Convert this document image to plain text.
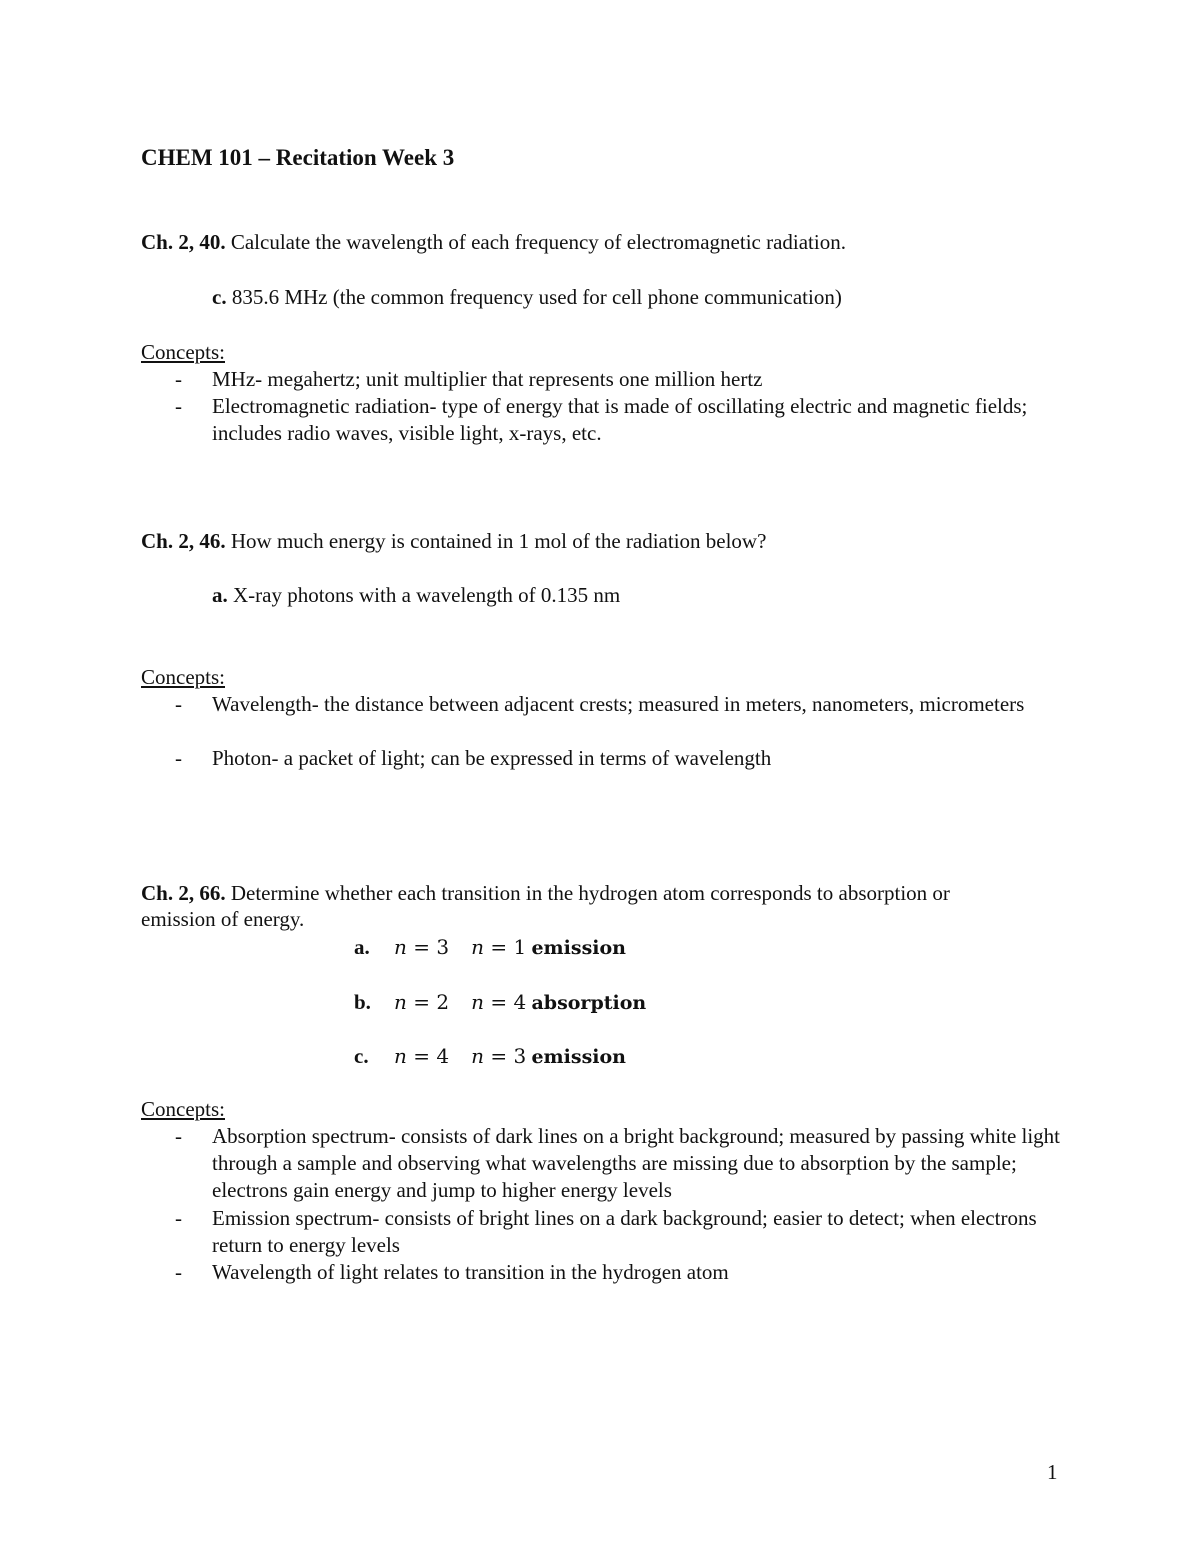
CHEM 101 – Recitation Week 3
Ch. 2, 40. Calculate the wavelength of each frequency of electromagnetic radiation.
c. 835.6 MHz (the common frequency used for cell phone communication)
Concepts:
-	MHz- megahertz; unit multiplier that represents one million hertz
-	Electromagnetic radiation- type of energy that is made of oscillating electric and magnetic fields; includes radio waves, visible light, x-rays, etc.
Ch. 2, 46. How much energy is contained in 1 mol of the radiation below?
a. X-ray photons with a wavelength of 0.135 nm
Concepts:
-	Wavelength- the distance between adjacent crests; measured in meters, nanometers, micrometers
-	Photon- a packet of light; can be expressed in terms of wavelength
Ch. 2, 66. Determine whether each transition in the hydrogen atom corresponds to absorption or
emission of energy.
a. n = 3 n = 1 emission
b. n = 2 n = 4 absorption
c. n = 4 n = 3 emission
Concepts:
-	Absorption spectrum- consists of dark lines on a bright background; measured by passing white light through a sample and observing what wavelengths are missing due to absorption by the sample; electrons gain energy and jump to higher energy levels
-	Emission spectrum- consists of bright lines on a dark background; easier to detect; when electrons return to energy levels
-	Wavelength of light relates to transition in the hydrogen atom
1
